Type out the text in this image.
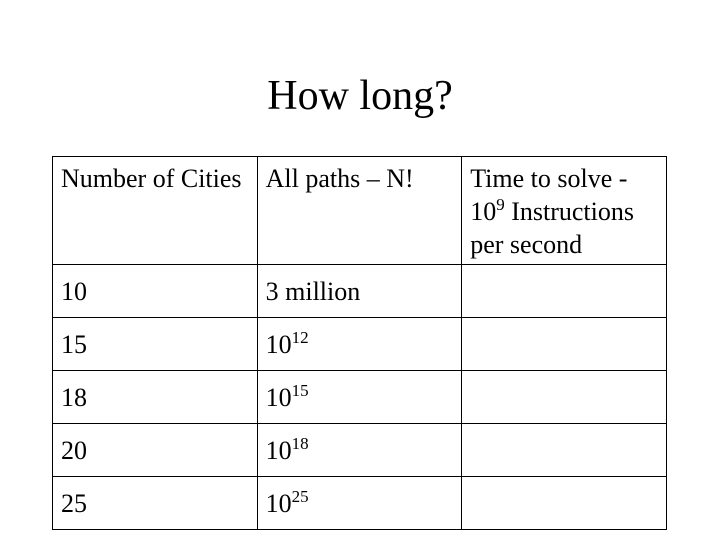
How long?
Number of Cities	All paths – N!	Time to solve -
$10^9$ Instructions per second
10	3 million	
15	$10^{12}$	
18	$10^{15}$	
20	$10^{18}$	
25	$10^{25}$	
